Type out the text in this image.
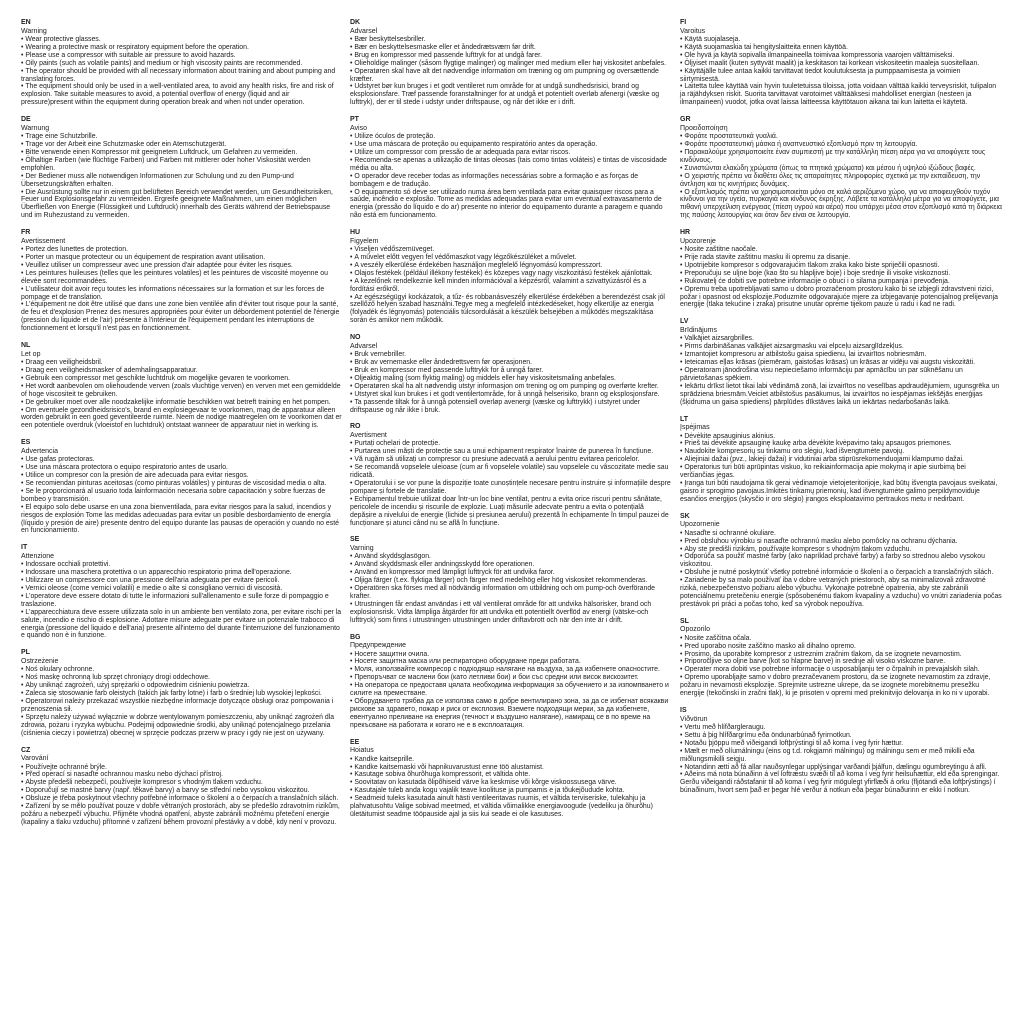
EN
Warning
• Wear protective glasses.
• Wearing a protective mask or respiratory equipment before the operation.
• Please use a compressor with suitable air pressure to avoid hazards.
• Oily paints (such as volatile paints) and medium or high viscosity paints are recommended.
• The operator should be provided with all necessary information about training and about pumping and translating forces.
• The equipment should only be used in a well-ventilated area, to avoid any health risks, fire and risk of explosion. Take suitable measures to avoid, a potential overflow of energy (liquid and air pressure)present within the equipment during operation break and when not under operation.
DE
Warnung
• Trage eine Schutzbrille.
• Trage vor der Arbeit eine Schutzmaske oder ein Atemschutzgerät.
• Bitte verwende einen Kompressor mit geeignetem Luftdruck, um Gefahren zu vermeiden.
• Ölhaltige Farben (wie flüchtige Farben) und Farben mit mittlerer oder hoher Viskosität werden empfohlen.
• Der Bediener muss alle notwendigen Informationen zur Schulung und zu den Pump-und Übersetzungskräften erhalten.
• Die Ausrüstung sollte nur in einem gut belüfteten Bereich verwendet werden, um Gesundheitsrisiken, Feuer und Explosionsgefahr zu vermeiden. Ergreife geeignete Maßnahmen, um einen möglichen Überfließen von Energie (Flüssigkeit und Luftdruck) innerhalb des Geräts während der Betriebspause und im Ruhezustand zu vermeiden.
FR
Avertissement
• Portez des lunettes de protection.
• Porter un masque protecteur ou un équipement de respiration avant utilisation.
• Veuillez utiliser un compresseur avec une pression d'air adaptée pour éviter les risques.
• Les peintures huileuses (telles que les peintures volatiles) et les peintures de viscosité moyenne ou élevée sont recommandées.
• L'utilisateur doit avoir reçu toutes les informations nécessaires sur la formation et sur les forces de pompage et de translation.
• L'équipement ne doit être utilisé que dans une zone bien ventilée afin d'éviter tout risque pour la santé, de feu et d'explosion Prenez des mesures appropriées pour éviter un débordement potentiel de l'énergie (pression du liquide et de l'air) présente à l'intérieur de l'équipement pendant les interruptions de fonctionnement et lorsqu'il n'est pas en fonctionnement.
NL
Let op
• Draag een veiligheidsbril.
• Draag een veiligheidsmasker of ademhalingsapparatuur.
• Gebruik een compressor met geschikte luchtdruk om mogelijke gevaren te voorkomen.
• Het wordt aanbevolen om oliehoudende verven (zoals vluchtige verven) en verven met een gemiddelde of hoge viscositeit te gebruiken.
• De gebruiker moet over alle noodzakelijke informatie beschikken wat betreft training en het pompen.
• Om eventuele gezondheidsrisico's, brand en explosiegevaar te voorkomen, mag de apparatuur alleen worden gebruikt in een goed geventileerde ruimte. Neem de nodige maatregelen om te voorkomen dat er een potentiele overdruk (vloeistof en luchtdruk) ontstaat wanneer de apparatuur niet in werking is.
ES
Advertencia
• Use gafas protectoras.
• Use una máscara protectora o equipo respiratorio antes de usarlo.
• Utilice un compresor con la presión de aire adecuada para evitar riesgos.
• Se recomiendan pinturas aceitosas (como pinturas volátiles) y pinturas de viscosidad media o alta.
• Se le proporcionará al usuario toda lainformación necesaria sobre capacitación y sobre fuerzas de bombeo y transmisión.
• El equipo solo debe usarse en una zona bienventilada, para evitar riesgos para la salud, incendios y riesgos de explosión Tome las medidas adecuadas para evitar un posible desbordamiento de energía (líquido y presión de aire) presente dentro del equipo durante las pausas de operación y cuando no esté en funcionamiento.
IT
Attenzione
• Indossare occhiali protettivi.
• Indossare una maschera protettiva o un apparecchio respiratorio prima dell'operazione.
• Utilizzare un compressore con una pressione dell'aria adeguata per evitare pericoli.
• Vernici oleose (come vernici volatili) e medie o alte si consigliano vernici di viscosità.
• L'operatore deve essere dotato di tutte le informazioni sull'allenamento e sulle forze di pompaggio e traslazione.
• L'apparecchiatura deve essere utilizzata solo in un ambiente ben ventilato zona, per evitare rischi per la salute, incendio e rischio di esplosione. Adottare misure adeguate per evitare un potenziale trabocco di energia (pressione del liquido e dell'aria) presente all'interno del durante l'interruzione del funzionamento e quando non è in funzione.
PL
Ostrzeżenie
• Noś okulary ochronne.
• Noś maskę ochronną lub sprzęt chroniący drogi oddechowe.
• Aby uniknąć zagrożeń, użyj sprężarki o odpowiednim ciśnieniu powietrza.
• Zaleca się stosowanie farb oleistych (takich jak farby lotne) i farb o średniej lub wysokiej lepkości.
• Operatorowi należy przekazać wszystkie niezbędne informacje dotyczące obsługi oraz pompowania i przenoszenia sił.
• Sprzętu należy używać wyłącznie w dobrze wentylowanym pomieszczeniu, aby uniknąć zagrożeń dla zdrowia, pożaru i ryzyka wybuchu. Podejmij odpowiednie środki, aby uniknąć potencjalnego przelania (ciśnienia cieczy i powietrza) obecnej w sprzęcie podczas przerw w pracy i gdy nie jest on używany.
CZ
Varování
• Používejte ochranné brýle.
• Před operací si nasaďte ochrannou masku nebo dýchací přístroj.
• Abyste předešli nebezpečí, používejte kompresor s vhodným tlakem vzduchu.
• Doporučují se mastné barvy (např. těkavé barvy) a barvy se střední nebo vysokou viskozitou.
• Obsluze je třeba poskytnout všechny potřebné informace o školení a o čerpacích a translačních silách.
• Zařízení by se mělo používat pouze v dobře větraných prostorách, aby se předešlo zdravotním rizikům, požáru a nebezpečí výbuchu. Přijměte vhodná opatření, abyste zabránili možnému přetečení energie (kapaliny a tlaku vzduchu) přítomné v zařízení během provozní přestávky a v době, kdy není v provozu.
DK
Advarsel
• Bær beskyttelsesbriller.
• Bær en beskyttelsesmaske eller et åndedrætsværn før drift.
• Brug en kompressor med passende lufttryk for at undgå farer.
• Olieholdige malinger (såsom flygtige malinger) og malinger med medium eller høj viskositet anbefales.
• Operatøren skal have alt det nødvendige information om træning og om pumpning og oversættende kræfter.
• Udstyret bør kun bruges i et godt ventileret rum område for at undgå sundhedsrisici, brand og eksplosionsfare. Træf passende foranstaltninger for at undgå et potentielt overløb afenergi (væske og lufttryk), der er til stede i udstyr under driftspause, og når det ikke er i drift.
PT
Aviso
• Utilize óculos de proteção.
• Use uma máscara de proteção ou equipamento respiratório antes da operação.
• Utilize um compressor com pressão de ar adequada para evitar riscos.
• Recomenda-se apenas a utilização de tintas oleosas (tais como tintas voláteis) e tintas de viscosidade média ou alta.
• O operador deve receber todas as informações necessárias sobre a formação e as forças de bombagem e de tradução.
• O equipamento só deve ser utilizado numa área bem ventilada para evitar quaisquer riscos para a saúde, incêndio e explosão. Tome as medidas adequadas para evitar um eventual extravasamento de energia (pressão do líquido e do ar) presente no interior do equipamento durante a paragem e quando não está em funcionamento.
HU
Figyelem
• Viseljen védőszemüveget.
• A művelet előtt vegyen fel védőmaszkot vagy légzőkészüléket a művelet.
• A veszély elkerülése érdekében használjon megfelelő légnyomású kompresszort.
• Olajos festékek (például illékony festékek) és közepes vagy nagy viszkozitású festékek ajánlottak.
• A kezelőnek rendelkeznie kell minden információval a képzésről, valamint a szivattyúzásról és a fordítási erőkről.
• Az egészségügyi kockázatok, a tűz- és robbanásveszély elkerülése érdekében a berendezést csak jól szellőző helyen szabad használni.Tegye meg a megfelelő intézkedéseket, hogy elkerülje az energia (folyadék és légnyomás) potenciális túlcsordulását a készülék belsejében a működés megszakítása során és amikor nem működik.
NO
Advarsel
• Bruk vernebriller.
• Bruk av vernemaske eller åndedrettsvern før operasjonen.
• Bruk en kompressor med passende lufttrykk for å unngå farer.
• Oljeaktig maling (som flyktig maling) og middels eller høy viskositetsmaling anbefales.
• Operatøren skal ha alt nødvendig utstyr informasjon om trening og om pumping og overførte krefter.
• Utstyret skal kun brukes i et godt ventilertområde, for å unngå helserisiko, brann og eksplosjonsfare.
• Ta passende tiltak for å unngå potensiell overløp avenergi (væske og lufttrykk) i utstyret under driftspause og når ikke i bruk.
RO
Avertisment
• Purtați ochelari de protecție.
• Purtarea unei măști de protecție sau a unui echipament respirator înainte de punerea în funcțiune.
• Vă rugăm să utilizați un compresor cu presiune adecvată a aerului pentru evitarea pericolelor.
• Se recomandă vopselele uleioase (cum ar fi vopselele volatile) sau vopselele cu vâscozitate medie sau ridicată.
• Operatorului i se vor pune la dispoziție toate cunoștințele necesare pentru instruire și informațiile despre pompare și fortele de translatie.
• Echipamentul trebuie utilizat doar într-un loc bine ventilat, pentru a evita orice riscuri pentru sănătate, pericolele de incendiu și riscurile de explozie. Luați măsurile adecvate pentru a evita o potențială depășire a nivelului de energie (lichide și presiunea aerului) prezentă în echipamente în timpul pauzei de funcționare și atunci când nu se află în funcțiune.
SE
Varning
• Använd skyddsglasögon.
• Använd skyddsmask eller andningsskydd före operationen.
• Använd en kompressor med lämpligt lufttryck för att undvika faror.
• Oljiga färger (t.ex. flyktiga färger) och färger med medelhög eller hög viskositet rekommenderas.
• Operatören ska förses med all nödvändig information om utbildning och om pump-och överförande krafter.
• Utrustningen får endast användas i ett väl ventilerat område för att undvika hälsorisker, brand och explosionsrisk. Vidta lämpliga åtgärder för att undvika ett potentiellt överflöd av energi (vätske-och lufttryck) som finns i utrustningen utrustningen under driftavbrott och när den inte är i drift.
BG
Предупреждение
• Носете защитни очила.
• Носете защитна маска или респираторно оборудване преди работата.
• Моля, използвайте компресор с подходящо налягане на въздуха, за да избегнете опасностите.
• Препоръчват се маслени бои (като летливи бои) и бои със средни или висок вискозитет.
• На оператора се предоставя цялата необходима информация за обучението и за изпомпването и силите на преместване.
• Оборудването трябва да се използва само в добре вентилирано зона, за да се избегнат всякакви рискове за здравето, пожар и риск от експлозия. Вземете подходящи мерки, за да избегнете, евентуално преливане на енергия (течност и въздушно налягане), намиращ се в по време на прекъсване на работата и когато не е в експлоатация.
EE
Hoiatus
• Kandke kaitseprille.
• Kandke kaitsemaski või hapnikuvarustust enne töö alustamist.
• Kasutage sobiva õhurõhuga kompressorit, et vältida ohte.
• Soovitatav on kasutada õlipõhiseid värve ka keskmise või kõrge viskoossusega värve.
• Kasutajale tuleb anda kogu vajalik teave koolituse ja pumpamis e ja tõukejõudude kohta.
• Seadmeid tuleks kasutada ainult hästi ventileeritavas ruumis, et vältida terviseriske, tulekahju ja plahvatusohtu Valige sobivad meetmed, et vältida võimalikke energiavoogude (vedeliku ja õhurõhu) ületäitumist seadme tööpauside ajal ja siis kui seade ei ole kasutuses.
FI
Varoitus
• Käytä suojalaseja.
• Käytä suojamaskia tai hengityslaitteita ennen käyttöä.
• Ole hyvä ja käytä sopivalla ilmanpaineella toimivaa kompressoria vaarojen välttämiseksi.
• Öljyiset maalit (kuten syttyvät maalit) ja keskitason tai korkean viskositeetin maaleja suositellaan.
• Käyttäjälle tulee antaa kaikki tarvittavat tiedot koulutuksesta ja pumppaamisesta ja voimien siirtymisestä.
• Laitetta tulee käyttää vain hyvin tuuletetuissa tiloissa, jotta voidaan välttää kaikki terveysriskit, tulipalon ja räjähdyksen riskit. Suorita tarvittavat varotoimet välttääksesi mahdolliset energian (nesteen ja ilmanpaineen) vuodot, jotka ovat laissa laitteessa käyttötauon aikana tai kun laitetta ei käytetä.
GR
Προειδοποίηση
• Φοράτε προστατευτικά γυαλιά.
• Φοράτε προστατευτική μάσκα ή αναπνευστικό εξοπλισμό πριν τη λειτουργία.
• Παρακαλούμε χρησιμοποιείτε έναν συμπιεστή με την κατάλληλη πίεση αέρα για να αποφύγετε τους κινδύνους.
• Συνιστώνται ελαιώδη χρώματα (όπως τα πτητικά χρώματα) και μέσου ή υψηλού ιξώδους βαφές.
• Ο χειριστής πρέπει να διαθέτει όλες τις απαραίτητες πληροφορίες σχετικά με την εκπαίδευση, την άντληση και τις κινητήριες δυνάμεις.
• Ο εξοπλισμός πρέπει να χρησιμοποιείται μόνο σε καλά αεριζόμενο χώρο, για να αποφευχθούν τυχόν κίνδυνοι για την υγεία, πυρκαγιά και κίνδυνος έκρηξης. Λάβετε τα κατάλληλα μέτρα για να αποφύγετε, μια πιθανή υπερχείλιση ενέργειας (πίεση υγρού και αέρα) που υπάρχει μέσα στον εξοπλισμό κατά τη διάρκεια της παύσης λειτουργίας και όταν δεν είναι σε λειτουργία.
HR
Upozorenje
• Nosite zaštitne naočale.
• Prije rada stavite zaštitnu masku ili opremu za disanje.
• Upotrijebite kompresor s odgovarajućim tlakom zraka kako biste spriječili opasnosti.
• Preporučuju se uljne boje (kao što su hlapljive boje) i boje srednje ili visoke viskoznosti.
• Rukovatelj će dobiti sve potrebne informacije o obuci i o silama pumpanja i prevođenja.
• Opremu treba upotrebljavati samo u dobro prozračenom prostoru kako bi se izbjegli zdravstveni rizici, požar i opasnost od eksplozije.Poduzmite odgovarajuće mjere za izbjegavanje potencijalnog prelijevanja energije (tlaka tekućine i zraka) prisutne unutar opreme tijekom pauze u radu i kad ne radi.
LV
Brīdinājums
• Valkājiet aizsargbrilles.
• Pirms darbināšanas valkājiet aizsargmasku vai elpceļu aizsarglīdzekļus.
• Izmantojiet kompresoru ar atbilstošu gaisa spiedienu, lai izvairītos nobriesmām.
• Ieteicamas eļļas krāsas (piemēram, gaistošas krāsas) un krāsas ar vidēju vai augstu viskozitāti.
• Operatoram jānodrošina visu nepieciešamo informāciju par apmācību un par sūknēšanu un pārvietošanas spēkiem.
• Iekārtu drīkst lietot tikai labi vēdināmā zonā, lai izvairītos no veselības apdraudējumiem, ugunsgrēka un sprādziena briesmām.Veiciet atbilstošus pasākumus, lai izvairītos no iespējamas iekšējās enerģijas (šķidruma un gaisa spiediens) pārplūdes dīkstāves laikā un iekārtas nedarbošanās laikā.
LT
Įspėjimas
• Dėvėkite apsauginius akinius.
• Prieš tai dėvėkite apsauginę kaukę arba dėvėkite kvėpavimo takų apsaugos priemones.
• Naudokite kompresorių su tinkamu oro slėgiu, kad išvengtumėte pavojų.
• Aliejiniai dažai (pvz., lakieji dažai) ir vidutiniai arba stiprūsrekomenduojami klampumo dažai.
• Operatorius turi būti aprūpintas viskuo, ko reikiainformacija apie mokymą ir apie siurbimą bei verčiančias jėgas.
• Įranga turi būti naudojama tik gerai vėdinamoje vietojeteritorijoje, kad būtų išvengta pavojaus sveikatai, gaisro ir sprogimo pavojaus.Imkitės tinkamų priemonių, kad išvengtumėte galimo perpildymoviduje esančios energijos (skysčio ir oro slėgio) įrangos eksploatavimo pertraukos metu ir nedirbant.
SK
Upozornenie
• Nasaďte si ochranné okuliare.
• Pred obsluhou výrobku si nasaďte ochrannú masku alebo pomôcky na ochranu dýchania.
• Aby ste predišli rizikám, používajte kompresor s vhodným tlakom vzduchu.
• Odporúča sa použiť mastné farby (ako napríklad prchavé farby) a farby so strednou alebo vysokou viskozitou.
• Obsluhe je nutné poskytnúť všetky potrebné informácie o školení a o čerpacích a translačných silách.
• Zariadenie by sa malo používať iba v dobre vetraných priestoroch, aby sa minimalizovali zdravotné riziká, nebezpečenstvo požiaru alebo výbuchu. Vykonajte potrebné opatrenia, aby ste zabránili potenciálnemu pretečeniu energie (spôsobenému tlakom kvapaliny a vzduchu) vo vnútri zariadenia počas prestávok pri práci a počas toho, keď sa výrobok nepoužíva.
SL
Opozorilo
• Nosite zaščitna očala.
• Pred uporabo nosite zaščitno masko ali dihalno opremo.
• Prosimo, da uporabite kompresor z ustreznim zračnim tlakom, da se izognete nevarnostim.
• Priporočljive so oljne barve (kot so hlapne barve) in srednje ali visoko viskozne barve.
• Operater mora dobiti vse potrebne informacije o usposabljanju ter o črpalnih in prevajalskih silah.
• Opremo uporabljajte samo v dobro prezračevanem prostoru, da se izognete nevarnostim za zdravje, požaru in nevarnosti eksplozije. Sprejmite ustrezne ukrepe, da se izognete morebitnemu presežku energije (tekočinski in zračni tlak), ki je prisoten v opremi med prekinitvijo delovanja in ko ni v uporabi.
IS
Viðvörun
• Vertu með hlífðargleraugu.
• Settu á þig hlífðargrímu eða öndunarbúnað fyrirnotkun.
• Notaðu þjöppu með viðeigandi loftþrýstingi til að koma í veg fyrir hættur.
• Mælt er með olíumálningu (eins og t.d. rokgjarnri málningu) og málningu sem er með mikilli eða miðlungsmikilli seigju.
• Notandinn ætti að fá allar nauðsynlegar upplýsingar varðandi þjálfun, dælingu ogumbreytingu á afli.
• Aðeins má nota búnaðinn á vel loftræstu svæði til að koma í veg fyrir heilsuhættur, eld eða sprengingar. Gerðu viðeigandi ráðstafanir til að koma í veg fyrir mögulegt yfirflæði á orku (fljótandi eða loftþrýstings) í búnaðinum, hvort sem það er þegar hlé verður á notkun eða þegar búnaðurinn er ekki í notkun.
